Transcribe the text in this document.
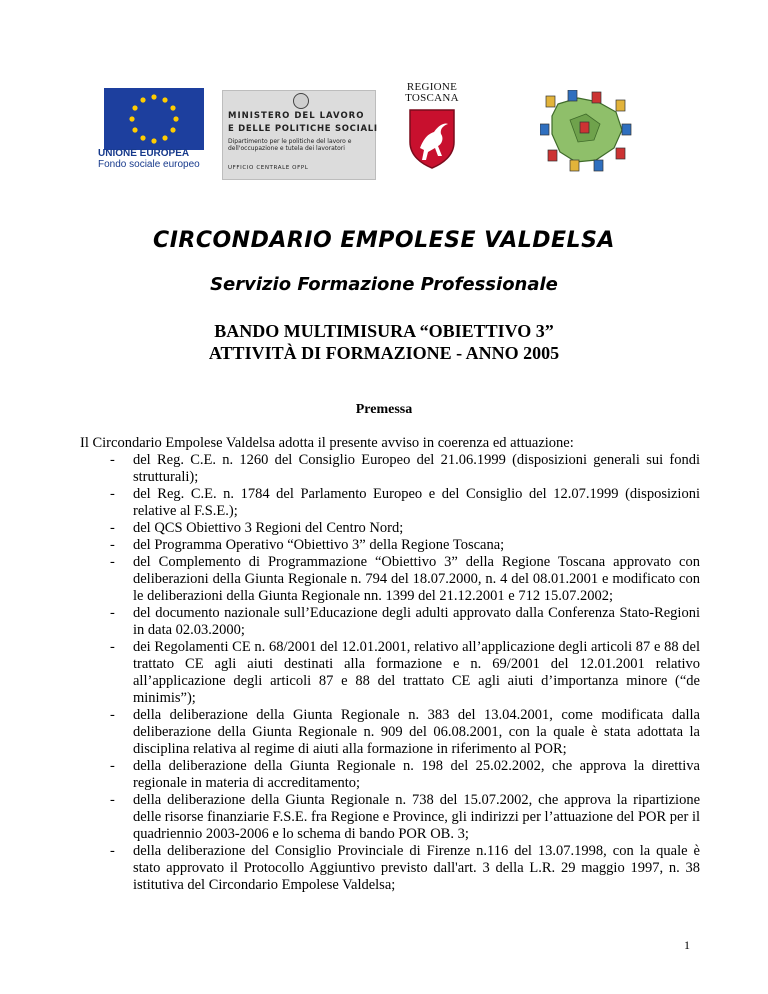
UNIONE EUROPEA
Fondo sociale europeo
MINISTERO DEL LAVORO
E DELLE POLITICHE SOCIALI
Dipartimento per le politiche del lavoro e dell'occupazione e tutela dei lavoratori
UFFICIO CENTRALE OFPL
REGIONE TOSCANA
CIRCONDARIO EMPOLESE VALDELSA
Servizio Formazione Professionale
BANDO MULTIMISURA “OBIETTIVO 3”
ATTIVITÀ DI FORMAZIONE - ANNO 2005
Premessa
Il Circondario Empolese Valdelsa adotta il presente avviso in coerenza ed attuazione:
- del Reg. C.E. n. 1260 del Consiglio Europeo del 21.06.1999 (disposizioni generali sui fondi strutturali);
- del Reg. C.E. n. 1784 del Parlamento Europeo e del Consiglio del 12.07.1999 (disposizioni relative al F.S.E.);
- del QCS Obiettivo 3 Regioni del Centro Nord;
- del Programma Operativo “Obiettivo 3” della Regione Toscana;
- del Complemento di Programmazione “Obiettivo 3” della Regione Toscana approvato con deliberazioni della Giunta Regionale n. 794 del 18.07.2000, n. 4 del 08.01.2001 e modificato con le deliberazioni della Giunta Regionale nn. 1399 del 21.12.2001 e 712 15.07.2002;
- del documento nazionale sull’Educazione degli adulti approvato dalla Conferenza Stato-Regioni in data 02.03.2000;
- dei Regolamenti CE n. 68/2001 del 12.01.2001, relativo all’applicazione degli articoli 87 e 88 del trattato CE agli aiuti destinati alla formazione e n. 69/2001 del 12.01.2001 relativo all’applicazione degli articoli 87 e 88 del trattato CE agli aiuti d’importanza minore (“de minimis”);
- della deliberazione della Giunta Regionale n. 383 del 13.04.2001, come modificata dalla deliberazione della Giunta Regionale n. 909 del 06.08.2001, con la quale è stata adottata la disciplina relativa al regime di aiuti alla formazione in riferimento al POR;
- della deliberazione della Giunta Regionale n. 198 del 25.02.2002, che approva la direttiva regionale in materia di accreditamento;
- della deliberazione della Giunta Regionale n. 738 del 15.07.2002, che approva la ripartizione delle risorse finanziarie F.S.E. fra Regione e Province, gli indirizzi per l’attuazione del POR per il quadriennio 2003-2006 e lo schema di bando POR OB. 3;
- della deliberazione del Consiglio Provinciale di Firenze n.116 del 13.07.1998, con la quale è stato approvato il Protocollo Aggiuntivo previsto dall'art. 3 della L.R. 29 maggio 1997, n. 38 istitutiva del Circondario Empolese Valdelsa;
1
